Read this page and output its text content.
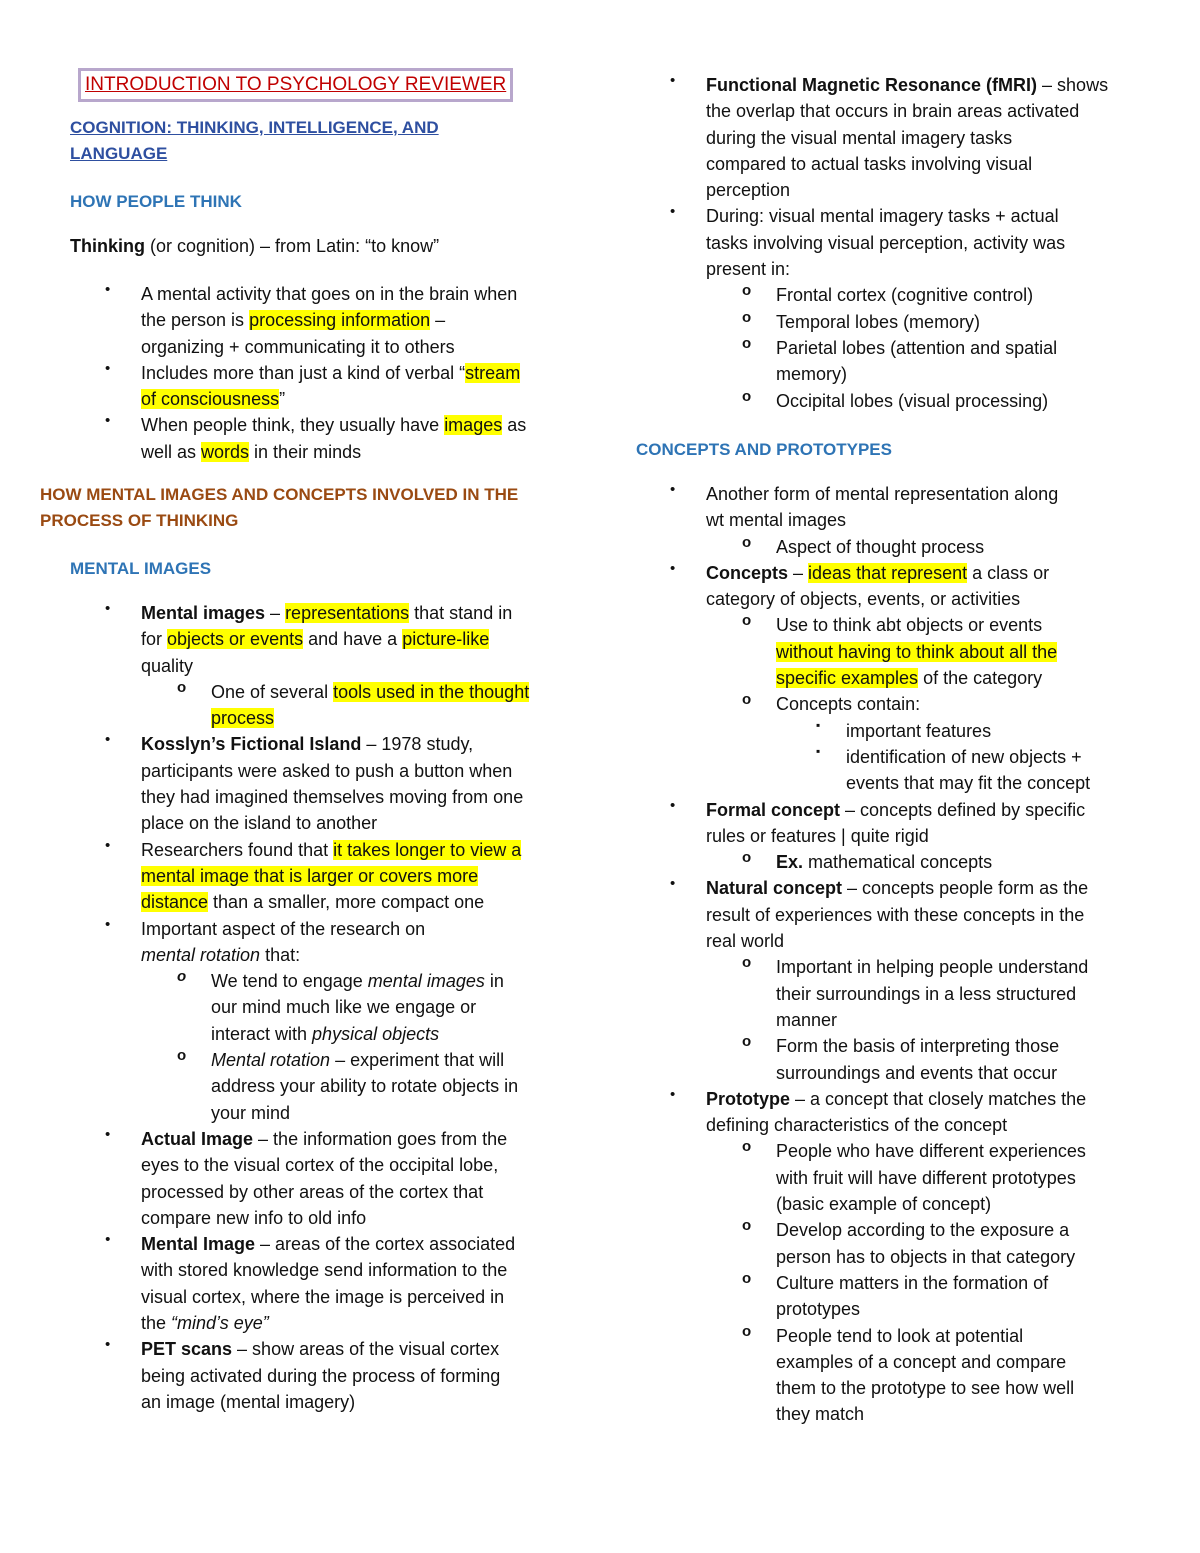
INTRODUCTION TO PSYCHOLOGY REVIEWER
COGNITION: THINKING, INTELLIGENCE, AND
LANGUAGE
HOW PEOPLE THINK
Thinking (or cognition) – from Latin: “to know”
• A mental activity that goes on in the brain when
the person is processing information –
organizing + communicating it to others
• Includes more than just a kind of verbal “stream
of consciousness”
• When people think, they usually have images as
well as words in their minds
HOW MENTAL IMAGES AND CONCEPTS INVOLVED IN THE
PROCESS OF THINKING
MENTAL IMAGES
• Mental images – representations that stand in
for objects or events and have a picture-like
quality
o One of several tools used in the thought
process
• Kosslyn’s Fictional Island – 1978 study,
participants were asked to push a button when
they had imagined themselves moving from one
place on the island to another
• Researchers found that it takes longer to view a
mental image that is larger or covers more
distance than a smaller, more compact one
• Important aspect of the research on
mental rotation that:
o We tend to engage mental images in
our mind much like we engage or
interact with physical objects
o Mental rotation – experiment that will
address your ability to rotate objects in
your mind
• Actual Image – the information goes from the
eyes to the visual cortex of the occipital lobe,
processed by other areas of the cortex that
compare new info to old info
• Mental Image – areas of the cortex associated
with stored knowledge send information to the
visual cortex, where the image is perceived in
the “mind’s eye”
• PET scans – show areas of the visual cortex
being activated during the process of forming
an image (mental imagery)
• Functional Magnetic Resonance (fMRI) – shows
the overlap that occurs in brain areas activated
during the visual mental imagery tasks
compared to actual tasks involving visual
perception
• During: visual mental imagery tasks + actual
tasks involving visual perception, activity was
present in:
o Frontal cortex (cognitive control)
o Temporal lobes (memory)
o Parietal lobes (attention and spatial
memory)
o Occipital lobes (visual processing)
CONCEPTS AND PROTOTYPES
• Another form of mental representation along
wt mental images
o Aspect of thought process
• Concepts – ideas that represent a class or
category of objects, events, or activities
o Use to think abt objects or events
without having to think about all the
specific examples of the category
o Concepts contain:
▪ important features
▪ identification of new objects +
events that may fit the concept
• Formal concept – concepts defined by specific
rules or features | quite rigid
o Ex. mathematical concepts
• Natural concept – concepts people form as the
result of experiences with these concepts in the
real world
o Important in helping people understand
their surroundings in a less structured
manner
o Form the basis of interpreting those
surroundings and events that occur
• Prototype – a concept that closely matches the
defining characteristics of the concept
o People who have different experiences
with fruit will have different prototypes
(basic example of concept)
o Develop according to the exposure a
person has to objects in that category
o Culture matters in the formation of
prototypes
o People tend to look at potential
examples of a concept and compare
them to the prototype to see how well
they match
